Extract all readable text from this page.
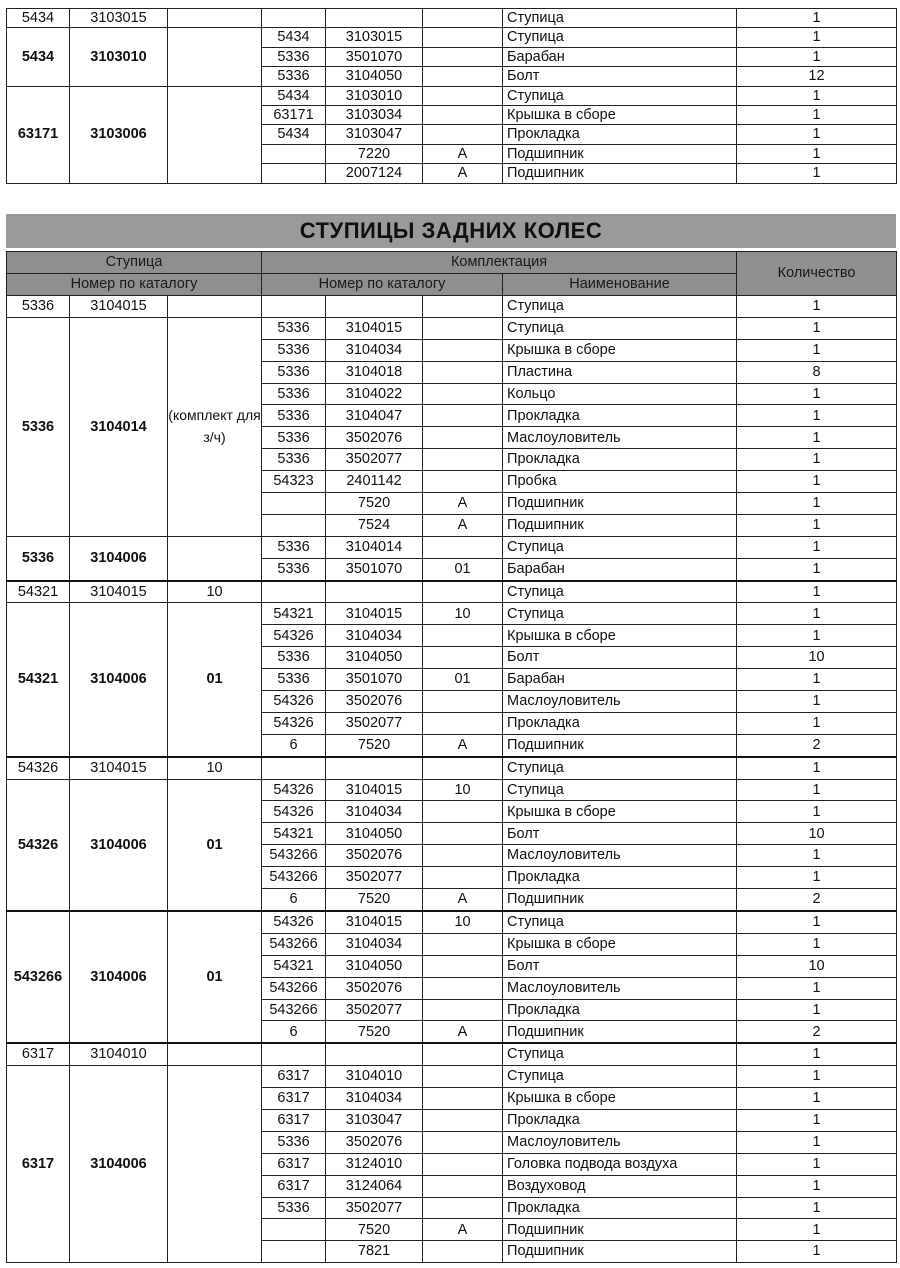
5434	3103015					Ступица	1
5434	3103010		5434	3103015		Ступица	1
			5336	3501070		Барабан	1
			5336	3104050		Болт	12
63171	3103006		5434	3103010		Ступица	1
			63171	3103034		Крышка в сборе	1
			5434	3103047		Прокладка	1
				7220	А	Подшипник	1
				2007124	А	Подшипник	1
СТУПИЦЫ ЗАДНИХ КОЛЕС
Ступица			Комплектация				Количество
Номер по каталогу			Номер по каталогу			Наименование	
5336	3104015					Ступица	1
5336	3104014	(комплект для з/ч)	5336	3104015		Ступица	1
			5336	3104034		Крышка в сборе	1
			5336	3104018		Пластина	8
			5336	3104022		Кольцо	1
			5336	3104047		Прокладка	1
			5336	3502076		Маслоуловитель	1
			5336	3502077		Прокладка	1
			54323	2401142		Пробка	1
				7520	А	Подшипник	1
				7524	А	Подшипник	1
5336	3104006		5336	3104014		Ступица	1
			5336	3501070	01	Барабан	1
54321	3104015	10				Ступица	1
54321	3104006	01	54321	3104015	10	Ступица	1
			54326	3104034		Крышка в сборе	1
			5336	3104050		Болт	10
			5336	3501070	01	Барабан	1
			54326	3502076		Маслоуловитель	1
			54326	3502077		Прокладка	1
			6	7520	А	Подшипник	2
54326	3104015	10				Ступица	1
54326	3104006	01	54326	3104015	10	Ступица	1
			54326	3104034		Крышка в сборе	1
			54321	3104050		Болт	10
			543266	3502076		Маслоуловитель	1
			543266	3502077		Прокладка	1
			6	7520	А	Подшипник	2
543266	3104006	01	54326	3104015	10	Ступица	1
			543266	3104034		Крышка в сборе	1
			54321	3104050		Болт	10
			543266	3502076		Маслоуловитель	1
			543266	3502077		Прокладка	1
			6	7520	А	Подшипник	2
6317	3104010					Ступица	1
6317	3104006		6317	3104010		Ступица	1
			6317	3104034		Крышка в сборе	1
			6317	3103047		Прокладка	1
			5336	3502076		Маслоуловитель	1
			6317	3124010		Головка подвода воздуха	1
			6317	3124064		Воздуховод	1
			5336	3502077		Прокладка	1
				7520	А	Подшипник	1
				7821		Подшипник	1
